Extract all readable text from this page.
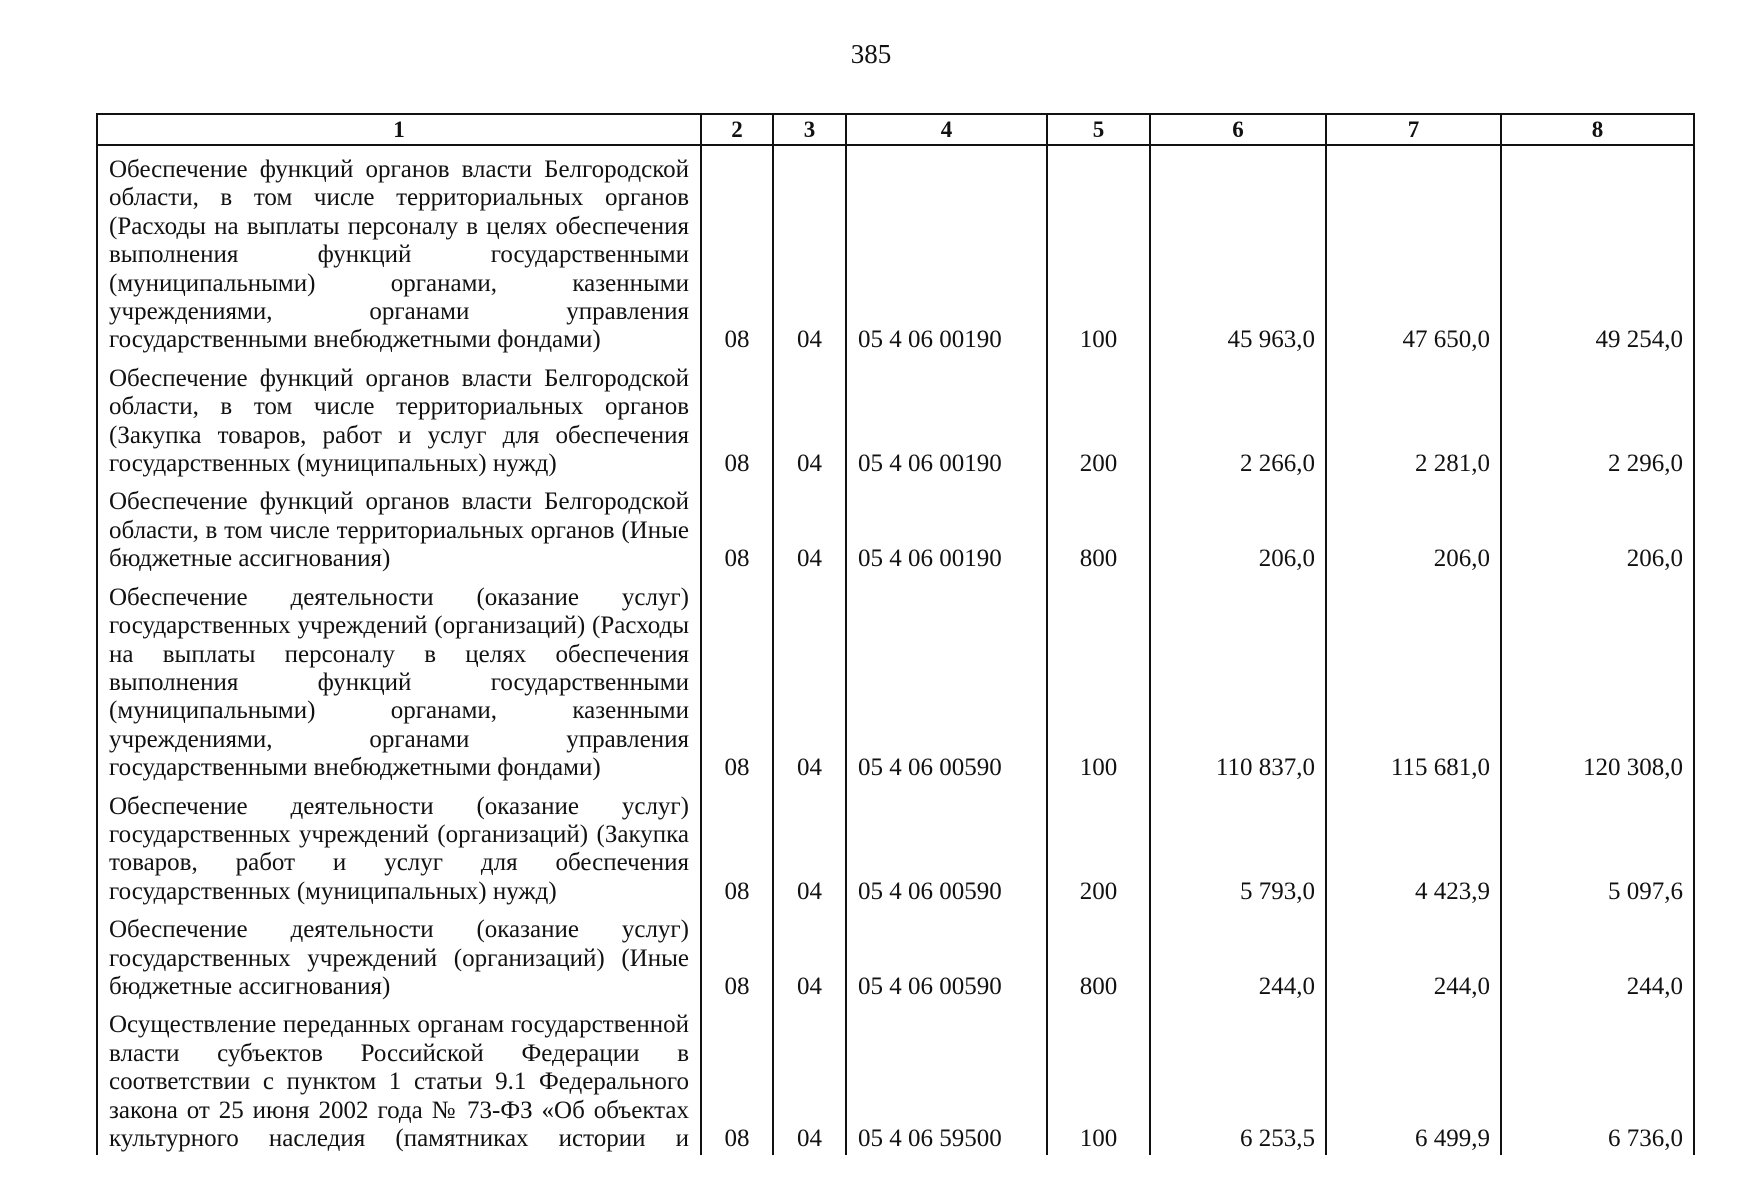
385
1	2	3	4	5	6	7	8
Обеспечение функций органов власти Белгородской области, в том числе территориальных органов (Расходы на выплаты персоналу в целях обеспечения выполнения функций государственными (муниципальными) органами, казенными учреждениями, органами управления государственными внебюджетными фондами)	08	04	05 4 06 00190	100	45 963,0	47 650,0	49 254,0
Обеспечение функций органов власти Белгородской области, в том числе территориальных органов (Закупка товаров, работ и услуг для обеспечения государственных (муниципальных) нужд)	08	04	05 4 06 00190	200	2 266,0	2 281,0	2 296,0
Обеспечение функций органов власти Белгородской области, в том числе территориальных органов (Иные бюджетные ассигнования)	08	04	05 4 06 00190	800	206,0	206,0	206,0
Обеспечение деятельности (оказание услуг) государственных учреждений (организаций) (Расходы на выплаты персоналу в целях обеспечения выполнения функций государственными (муниципальными) органами, казенными учреждениями, органами управления государственными внебюджетными фондами)	08	04	05 4 06 00590	100	110 837,0	115 681,0	120 308,0
Обеспечение деятельности (оказание услуг) государственных учреждений (организаций) (Закупка товаров, работ и услуг для обеспечения государственных (муниципальных) нужд)	08	04	05 4 06 00590	200	5 793,0	4 423,9	5 097,6
Обеспечение деятельности (оказание услуг) государственных учреждений (организаций) (Иные бюджетные ассигнования)	08	04	05 4 06 00590	800	244,0	244,0	244,0
Осуществление переданных органам государственной власти субъектов Российской Федерации в соответствии с пунктом 1 статьи 9.1 Федерального закона от 25 июня 2002 года № 73-ФЗ «Об объектах культурного наследия (памятниках истории и	08	04	05 4 06 59500	100	6 253,5	6 499,9	6 736,0
